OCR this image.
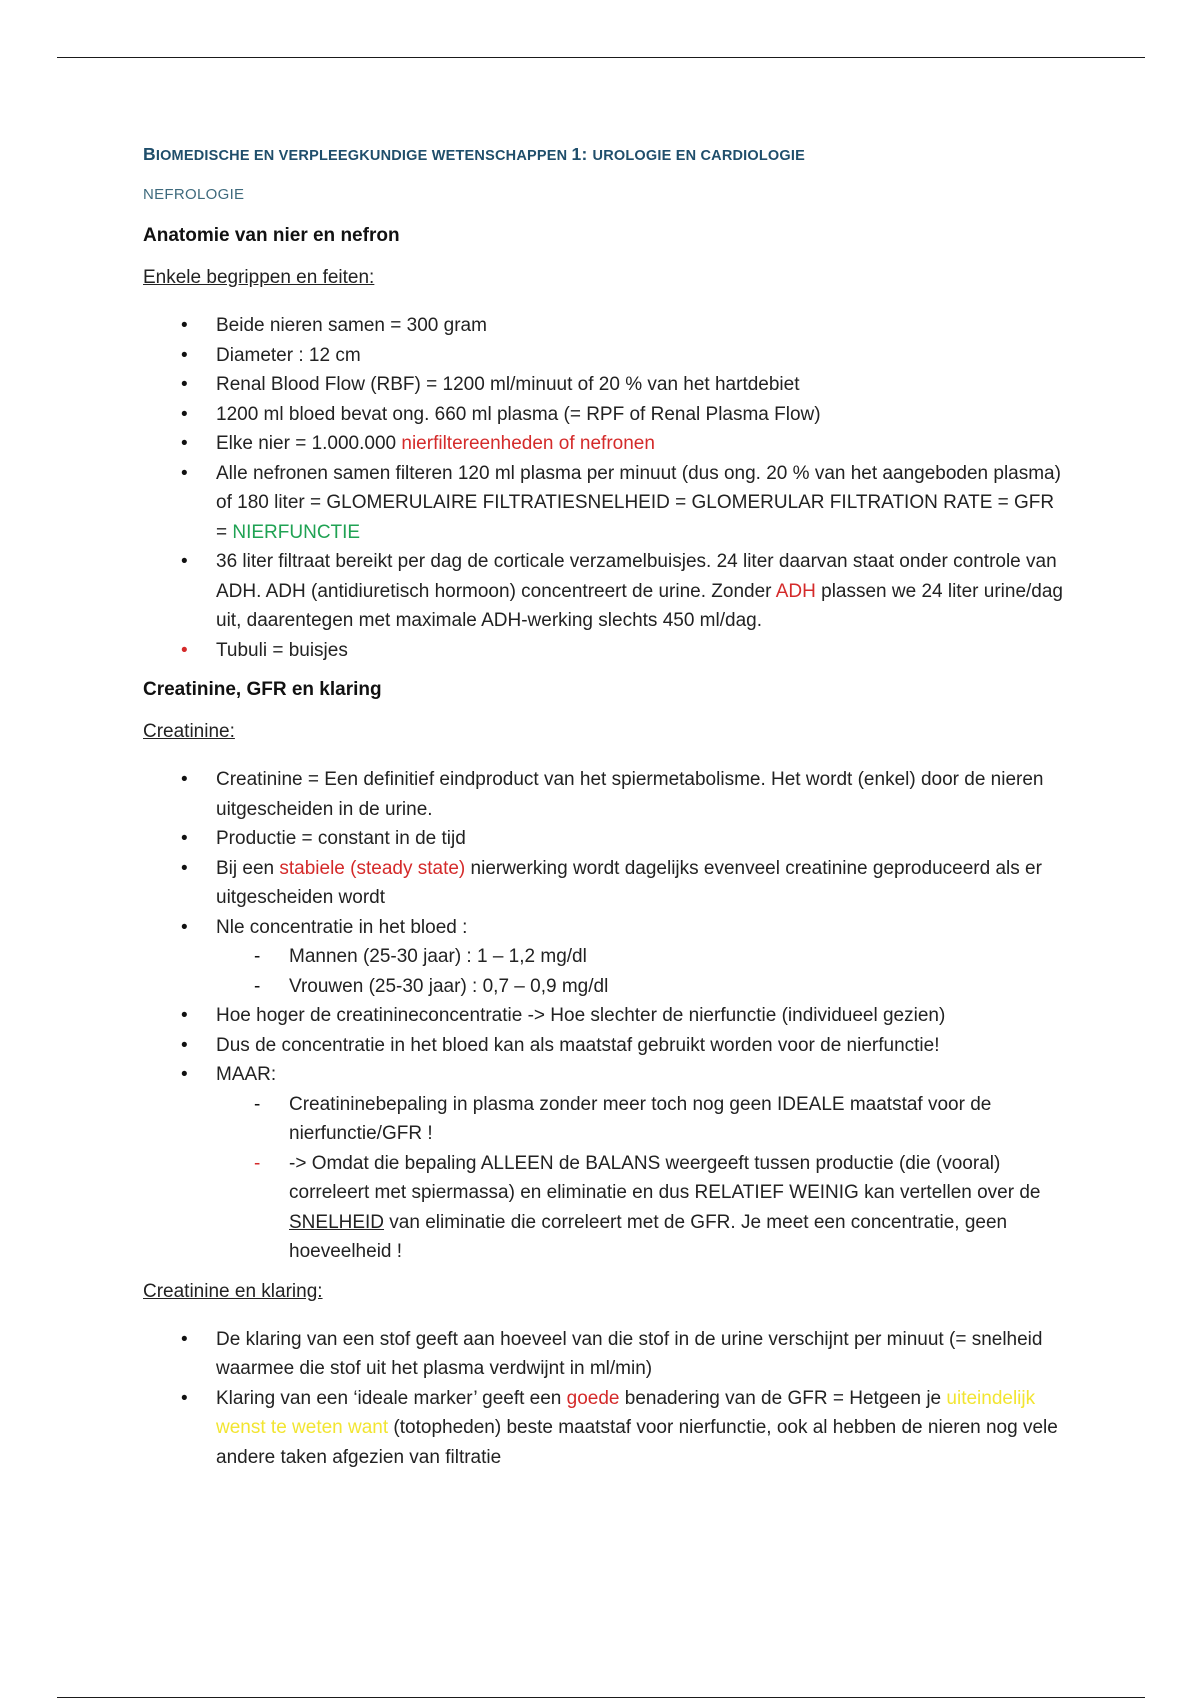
BIOMEDISCHE EN VERPLEEGKUNDIGE WETENSCHAPPEN 1: UROLOGIE EN CARDIOLOGIE
NEFROLOGIE
Anatomie van nier en nefron
Enkele begrippen en feiten:
• Beide nieren samen = 300 gram
• Diameter : 12 cm
• Renal Blood Flow (RBF) = 1200 ml/minuut of 20 % van het hartdebiet
• 1200 ml bloed bevat ong. 660 ml plasma (= RPF of Renal Plasma Flow)
• Elke nier = 1.000.000 nierfiltereenheden of nefronen
• Alle nefronen samen filteren 120 ml plasma per minuut (dus ong. 20 % van het aangeboden plasma) of 180 liter = GLOMERULAIRE FILTRATIESNELHEID = GLOMERULAR FILTRATION RATE = GFR = NIERFUNCTIE
• 36 liter filtraat bereikt per dag de corticale verzamelbuisjes. 24 liter daarvan staat onder controle van ADH. ADH (antidiuretisch hormoon) concentreert de urine. Zonder ADH plassen we 24 liter urine/dag uit, daarentegen met maximale ADH-werking slechts 450 ml/dag.
• Tubuli = buisjes
Creatinine, GFR en klaring
Creatinine:
• Creatinine = Een definitief eindproduct van het spiermetabolisme. Het wordt (enkel) door de nieren uitgescheiden in de urine.
• Productie = constant in de tijd
• Bij een stabiele (steady state) nierwerking wordt dagelijks evenveel creatinine geproduceerd als er uitgescheiden wordt
• Nle concentratie in het bloed :
- Mannen (25-30 jaar) : 1 – 1,2 mg/dl
- Vrouwen (25-30 jaar) : 0,7 – 0,9 mg/dl
• Hoe hoger de creatinineconcentratie -> Hoe slechter de nierfunctie (individueel gezien)
• Dus de concentratie in het bloed kan als maatstaf gebruikt worden voor de nierfunctie!
• MAAR:
- Creatininebepaling in plasma zonder meer toch nog geen IDEALE maatstaf voor de nierfunctie/GFR !
- -> Omdat die bepaling ALLEEN de BALANS weergeeft tussen productie (die (vooral) correleert met spiermassa) en eliminatie en dus RELATIEF WEINIG kan vertellen over de SNELHEID van eliminatie die correleert met de GFR. Je meet een concentratie, geen hoeveelheid !
Creatinine en klaring:
• De klaring van een stof geeft aan hoeveel van die stof in de urine verschijnt per minuut (= snelheid waarmee die stof uit het plasma verdwijnt in ml/min)
• Klaring van een ‘ideale marker’ geeft een goede benadering van de GFR = Hetgeen je uiteindelijk wenst te weten want (totopheden) beste maatstaf voor nierfunctie, ook al hebben de nieren nog vele andere taken afgezien van filtratie
